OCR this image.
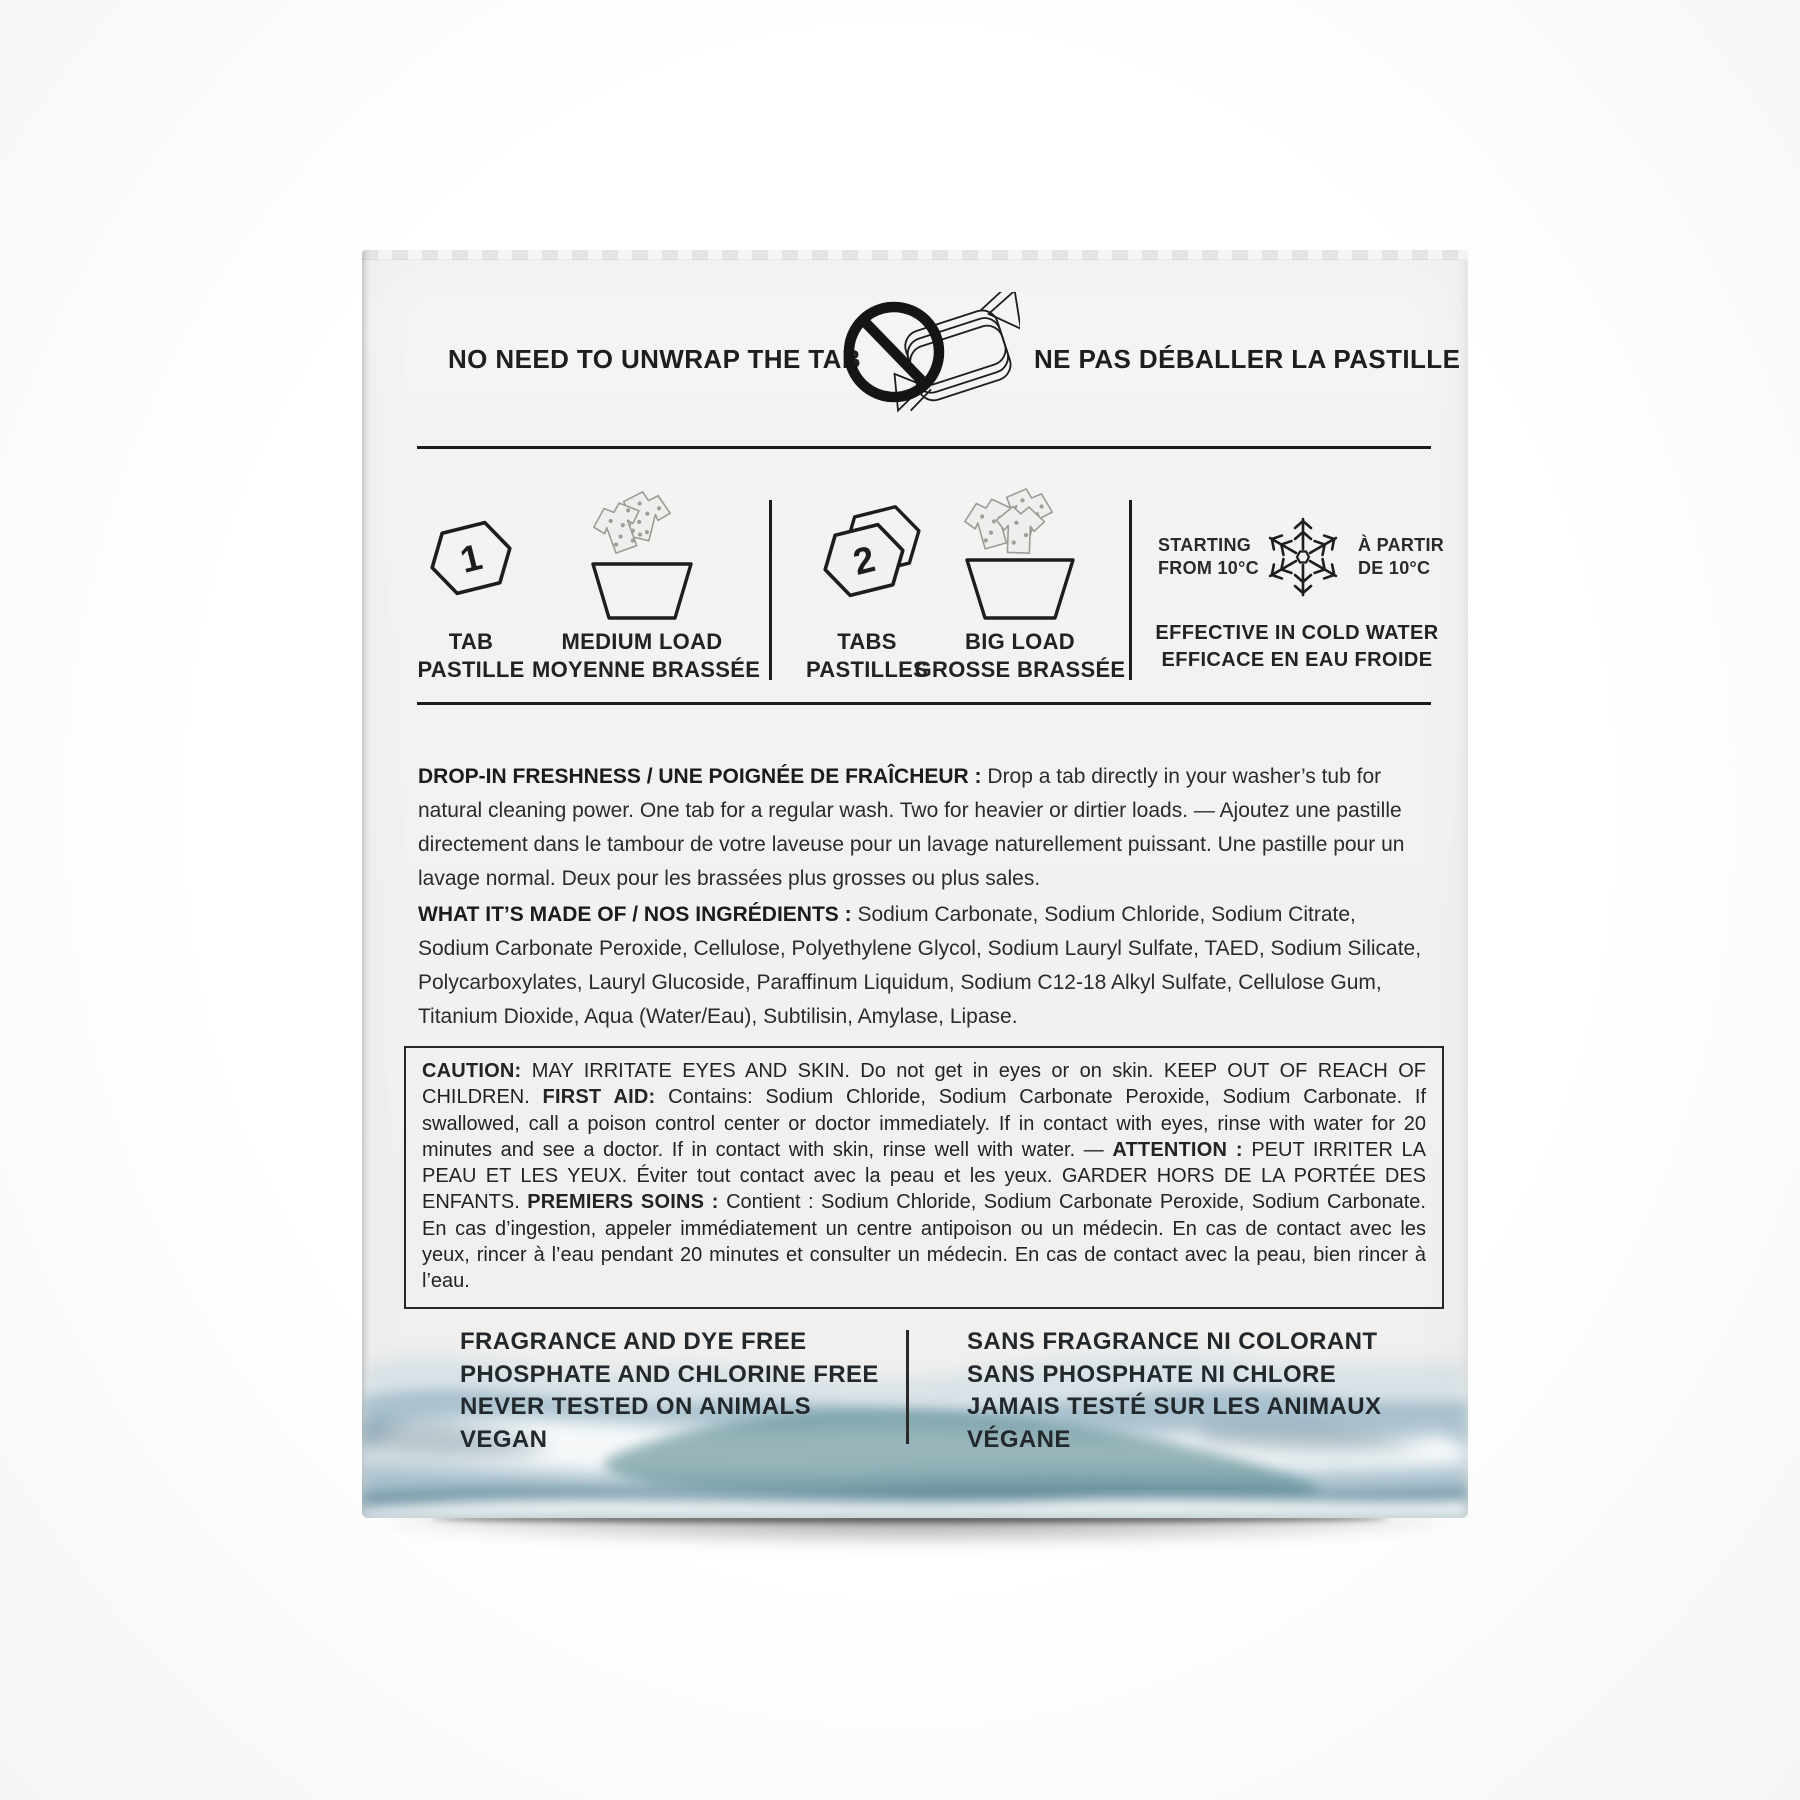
NO NEED TO UNWRAP THE TAB	NE PAS DÉBALLER LA PASTILLE
1	2	STARTING
FROM 10°C
À PARTIR
DE 10°C
TAB
PASTILLE
MEDIUM LOAD
MOYENNE BRASSÉE
TABS
PASTILLES
BIG LOAD
GROSSE BRASSÉE
EFFECTIVE IN COLD WATER
EFFICACE EN EAU FROIDE
DROP-IN FRESHNESS / UNE POIGNÉE DE FRAÎCHEUR : Drop a tab directly in your washer’s tub for natural cleaning power. One tab for a regular wash. Two for heavier or dirtier loads. — Ajoutez une pastille directement dans le tambour de votre laveuse pour un lavage naturellement puissant. Une pastille pour un lavage normal. Deux pour les brassées plus grosses ou plus sales.
WHAT IT’S MADE OF / NOS INGRÉDIENTS : Sodium Carbonate, Sodium Chloride, Sodium Citrate, Sodium Carbonate Peroxide, Cellulose, Polyethylene Glycol, Sodium Lauryl Sulfate, TAED, Sodium Silicate, Polycarboxylates, Lauryl Glucoside, Paraffinum Liquidum, Sodium C12-18 Alkyl Sulfate, Cellulose Gum, Titanium Dioxide, Aqua (Water/Eau), Subtilisin, Amylase, Lipase.
CAUTION: MAY IRRITATE EYES AND SKIN. Do not get in eyes or on skin. KEEP OUT OF REACH OF CHILDREN. FIRST AID: Contains: Sodium Chloride, Sodium Carbonate Peroxide, Sodium Carbonate. If swallowed, call a poison control center or doctor immediately. If in contact with eyes, rinse with water for 20 minutes and see a doctor. If in contact with skin, rinse well with water. — ATTENTION : PEUT IRRITER LA PEAU ET LES YEUX. Éviter tout contact avec la peau et les yeux. GARDER HORS DE LA PORTÉE DES ENFANTS. PREMIERS SOINS : Contient : Sodium Chloride, Sodium Carbonate Peroxide, Sodium Carbonate. En cas d’ingestion, appeler immédiatement un centre antipoison ou un médecin. En cas de contact avec les yeux, rincer à l’eau pendant 20 minutes et consulter un médecin. En cas de contact avec la peau, bien rincer à l’eau.
FRAGRANCE AND DYE FREE
PHOSPHATE AND CHLORINE FREE
NEVER TESTED ON ANIMALS
VEGAN
SANS FRAGRANCE NI COLORANT
SANS PHOSPHATE NI CHLORE
JAMAIS TESTÉ SUR LES ANIMAUX
VÉGANE
